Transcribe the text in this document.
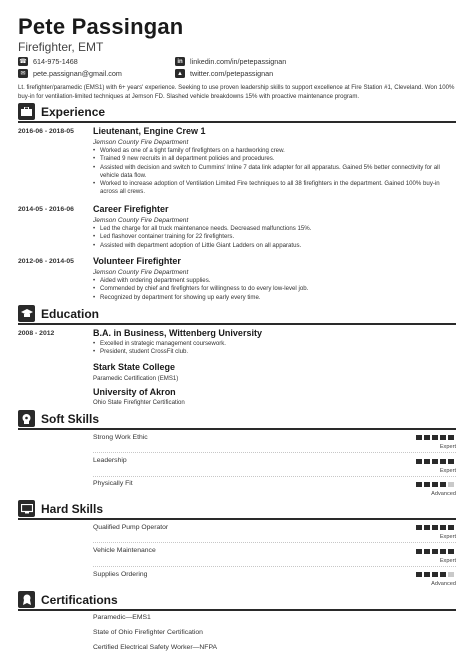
Pete Passingan
Firefighter, EMT
☎ 614-975-1468
✉	pete.passignan@gmail.com
in	linkedin.com/in/petepassignan
▲ twitter.com/petepassignan
Lt. firefighter/paramedic (EMS1) with 6+ years' experience. Seeking to use proven leadership skills to support excellence at Fire Station #1, Cleveland. Won 100% buy-in for ventilation-limited techniques at Jemson FD. Slashed vehicle breakdowns 15% with proactive maintenance program.
Experience
2016-06 - 2018-05 Lieutenant, Engine Crew 1
Jemson County Fire Department
• Worked as one of a tight family of firefighters on a hardworking crew.
• Trained 9 new recruits in all department policies and procedures.
• Assisted with decision and switch to Cummins' Inline 7 data link adapter for all apparatus. Gained 5% better connectivity for all vehicle data flow.
• Worked to increase adoption of Ventilation Limited Fire techniques to all 38 firefighters in the department. Gained 100% buy-in across all crews.
2014-05 - 2016-06 Career Firefighter
Jemson County Fire Department
• Led the charge for all truck maintenance needs. Decreased malfunctions 15%.
• Led flashover container training for 22 firefighters.
• Assisted with department adoption of Little Giant Ladders on all apparatus.
2012-06 - 2014-05 Volunteer Firefighter
Jemson County Fire Department
• Aided with ordering department supplies.
• Commended by chief and firefighters for willingness to do every low-level job.
• Recognized by department for showing up early every time.
Education
2008 - 2012	B.A. in Business, Wittenberg University
• Excelled in strategic management coursework.
• President, student CrossFit club.
Stark State College
Paramedic Certification (EMS1)
University of Akron
Ohio State Firefighter Certification
Soft Skills
Strong Work Ethic
Expert
Leadership
Expert
Physically Fit
Advanced
Hard Skills
Qualified Pump Operator
Expert
Vehicle Maintenance
Expert
Supplies Ordering
Advanced
Certifications
Paramedic—EMS1
State of Ohio Firefighter Certification
Certified Electrical Safety Worker—NFPA
